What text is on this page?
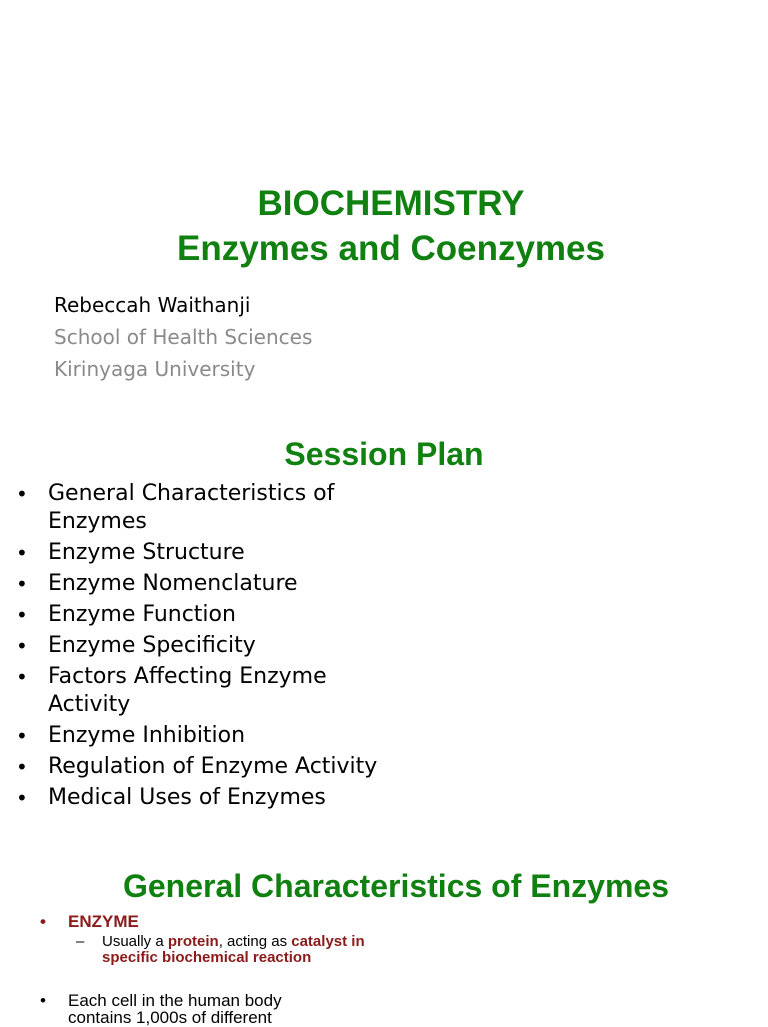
BIOCHEMISTRY
Enzymes and Coenzymes
Rebeccah Waithanji
School of Health Sciences
Kirinyaga University
Session Plan
• General Characteristics of Enzymes
• Enzyme Structure
• Enzyme Nomenclature
• Enzyme Function
• Enzyme Specificity
• Factors Affecting Enzyme Activity
• Enzyme Inhibition
• Regulation of Enzyme Activity
• Medical Uses of Enzymes
General Characteristics of Enzymes
• ENZYME
– Usually a protein, acting as catalyst in specific biochemical reaction
• Each cell in the human body contains 1,000s of different
